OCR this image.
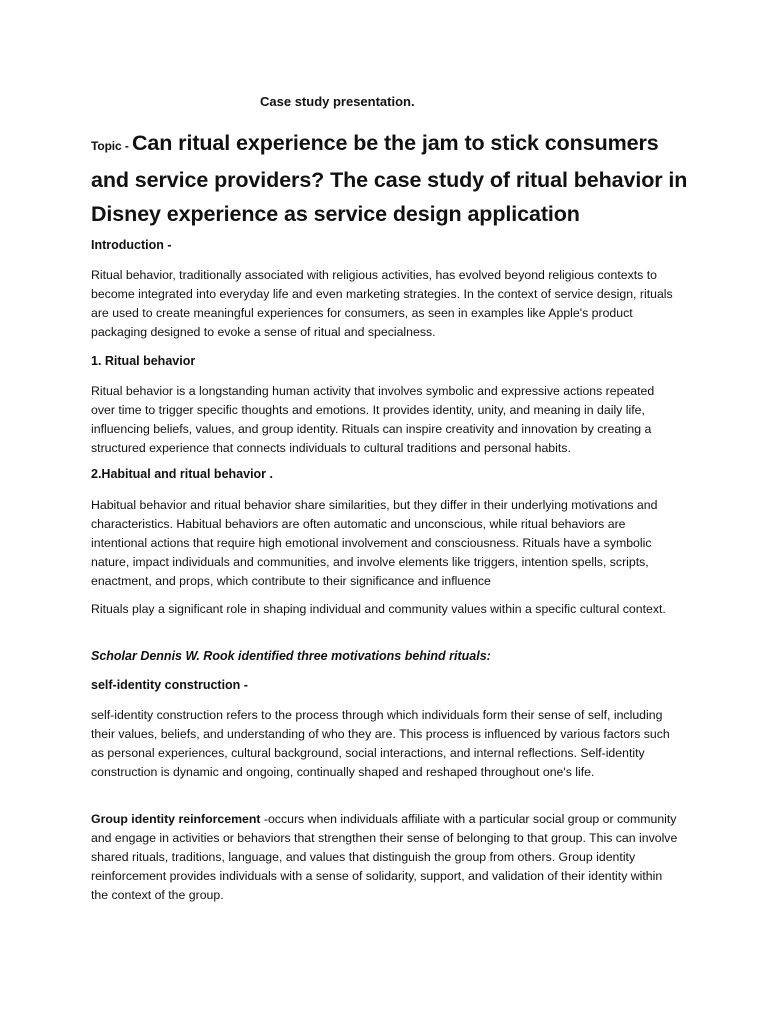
Case study presentation.
Topic - Can ritual experience be the jam to stick consumers and service providers? The case study of ritual behavior in Disney experience as service design application
Introduction -
Ritual behavior, traditionally associated with religious activities, has evolved beyond religious contexts to become integrated into everyday life and even marketing strategies. In the context of service design, rituals are used to create meaningful experiences for consumers, as seen in examples like Apple's product packaging designed to evoke a sense of ritual and specialness.
1. Ritual behavior
Ritual behavior is a longstanding human activity that involves symbolic and expressive actions repeated over time to trigger specific thoughts and emotions. It provides identity, unity, and meaning in daily life, influencing beliefs, values, and group identity. Rituals can inspire creativity and innovation by creating a structured experience that connects individuals to cultural traditions and personal habits.
2.Habitual and ritual behavior .
Habitual behavior and ritual behavior share similarities, but they differ in their underlying motivations and characteristics. Habitual behaviors are often automatic and unconscious, while ritual behaviors are intentional actions that require high emotional involvement and consciousness. Rituals have a symbolic nature, impact individuals and communities, and involve elements like triggers, intention spells, scripts, enactment, and props, which contribute to their significance and influence
Rituals play a significant role in shaping individual and community values within a specific cultural context.
Scholar Dennis W. Rook identified three motivations behind rituals:
self-identity construction -
self-identity construction refers to the process through which individuals form their sense of self, including their values, beliefs, and understanding of who they are. This process is influenced by various factors such as personal experiences, cultural background, social interactions, and internal reflections. Self-identity construction is dynamic and ongoing, continually shaped and reshaped throughout one's life.
Group identity reinforcement -occurs when individuals affiliate with a particular social group or community and engage in activities or behaviors that strengthen their sense of belonging to that group. This can involve shared rituals, traditions, language, and values that distinguish the group from others. Group identity reinforcement provides individuals with a sense of solidarity, support, and validation of their identity within the context of the group.
